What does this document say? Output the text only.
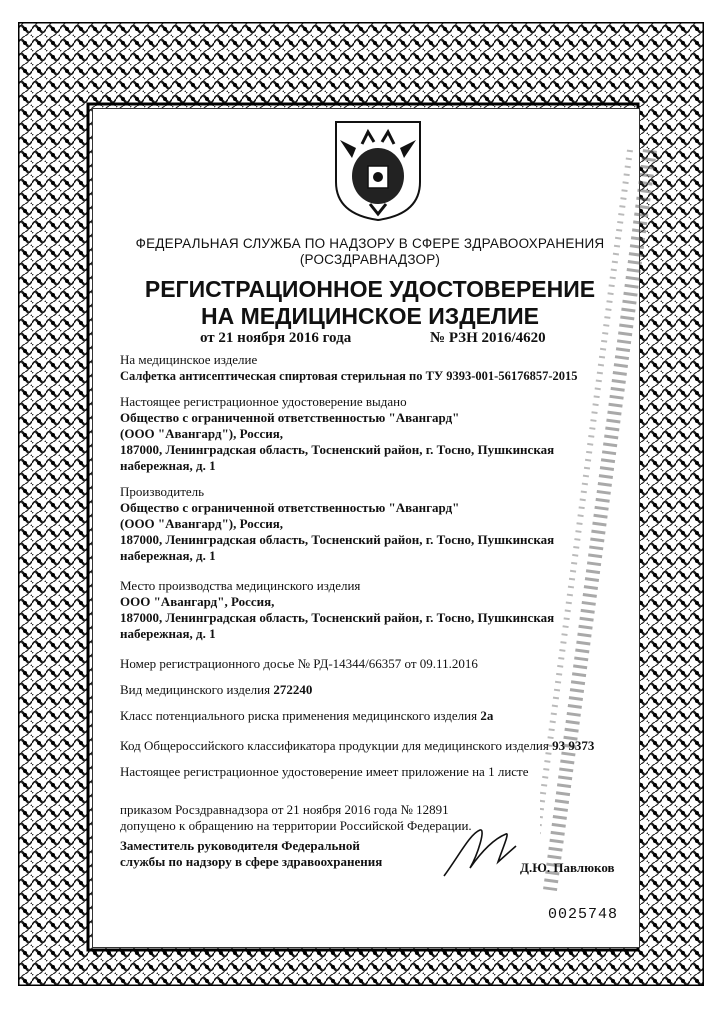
ФЕДЕРАЛЬНАЯ СЛУЖБА ПО НАДЗОРУ В СФЕРЕ ЗДРАВООХРАНЕНИЯ
(РОСЗДРАВНАДЗОР)
РЕГИСТРАЦИОННОЕ УДОСТОВЕРЕНИЕ
НА МЕДИЦИНСКОЕ ИЗДЕЛИЕ
от 21 ноября 2016 года	№ РЗН 2016/4620
На медицинское изделие
Салфетка антисептическая спиртовая стерильная по ТУ 9393-001-56176857-2015
Настоящее регистрационное удостоверение выдано
Общество с ограниченной ответственностью "Авангард"
(ООО "Авангард"), Россия,
187000, Ленинградская область, Тосненский район, г. Тосно, Пушкинская
набережная, д. 1
Производитель
Общество с ограниченной ответственностью "Авангард"
(ООО "Авангард"), Россия,
187000, Ленинградская область, Тосненский район, г. Тосно, Пушкинская
набережная, д. 1
Место производства медицинского изделия
ООО "Авангард", Россия,
187000, Ленинградская область, Тосненский район, г. Тосно, Пушкинская
набережная, д. 1
Номер регистрационного досье № РД-14344/66357 от 09.11.2016
Вид медицинского изделия 272240
Класс потенциального риска применения медицинского изделия 2а
Код Общероссийского классификатора продукции для медицинского изделия 93 9373
Настоящее регистрационное удостоверение имеет приложение на 1 листе
приказом Росздравнадзора от 21 ноября 2016 года № 12891
допущено к обращению на территории Российской Федерации.
Заместитель руководителя Федеральной
службы по надзору в сфере здравоохранения	Д.Ю. Павлюков
0025748
